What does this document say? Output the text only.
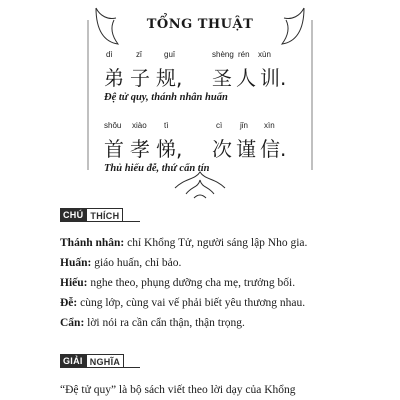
TỔNG THUẬT
dì	zǐ	guī	shèng rén xùn
弟 子 规, 圣 人 训.
Đệ tử quy, thánh nhân huấn
shǒu xiào tì	cì jǐn xìn
首 孝 悌, 次 谨 信.
Thủ hiếu đễ, thứ cẩn tín
CHÚ THÍCH
Thánh nhân: chỉ Khổng Tử, người sáng lập Nho gia.
Huấn: giáo huấn, chỉ bảo.
Hiếu: nghe theo, phụng dưỡng cha mẹ, trưởng bối.
Đễ: cùng lớp, cùng vai vế phải biết yêu thương nhau.
Cẩn: lời nói ra cần cẩn thận, thận trọng.
GIẢI NGHĨA
“Đệ tử quy” là bộ sách viết theo lời dạy của Khổng
